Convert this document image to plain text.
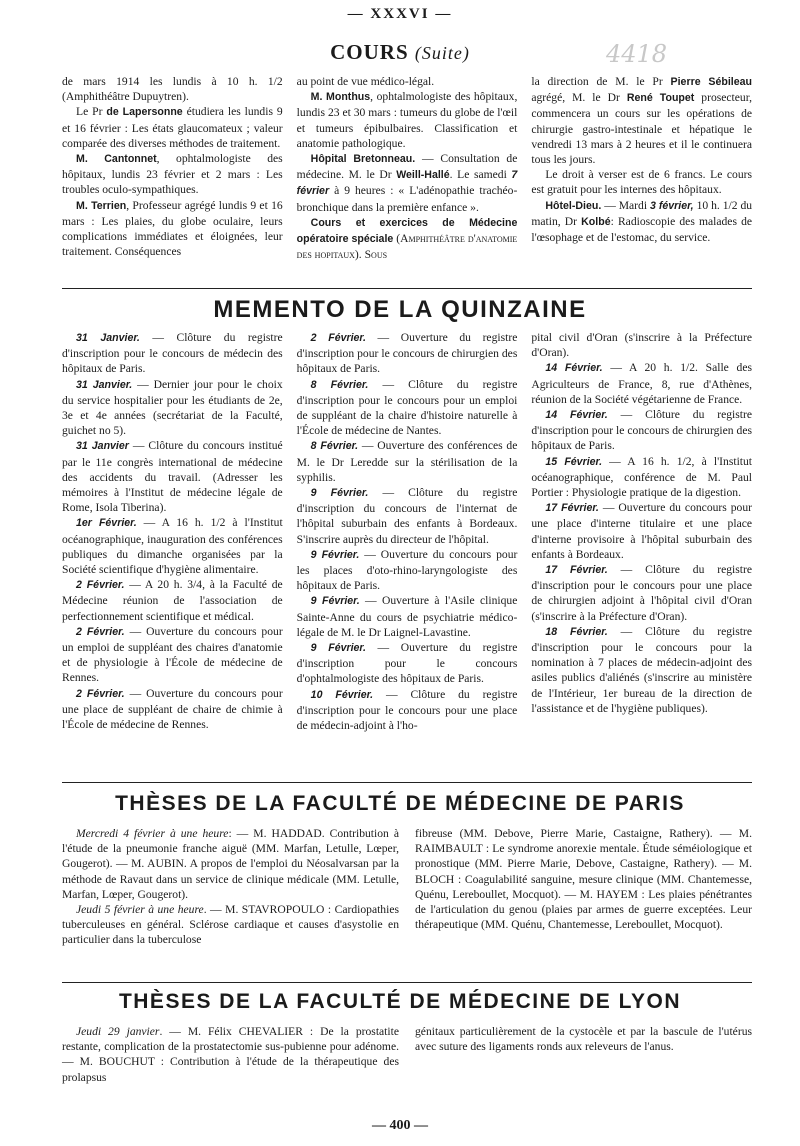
— XXXVI —
4418
COURS (Suite)

de mars 1914 les lundis à 10 h. 1/2 (Amphithéâtre Dupuytren).

Le Pr de Lapersonne étudiera les lundis 9 et 16 février : Les états glaucomateux ; valeur comparée des diverses méthodes de traitement.

M. Cantonnet, ophtalmologiste des hôpitaux, lundis 23 février et 2 mars : Les troubles oculo-sympathiques.

M. Terrien, Professeur agrégé lundis 9 et 16 mars : Les plaies, du globe oculaire, leurs complications immédiates et éloignées, leur traitement. Conséquences

au point de vue médico-légal.

M. Monthus, ophtalmologiste des hôpitaux, lundis 23 et 30 mars : tumeurs du globe de l'œil et tumeurs épibulbaires. Classification et anatomie pathologique.

Hôpital Bretonneau. — Consultation de médecine. M. le Dr Weill-Hallé. Le samedi 7 février à 9 heures : « L'adénopathie trachéo-bronchique dans la première enfance ».

Cours et exercices de Médecine opératoire spéciale (Amphithéâtre d'anatomie des hopitaux). Sous

la direction de M. le Pr Pierre Sébileau agrégé, M. le Dr René Toupet prosecteur, commencera un cours sur les opérations de chirurgie gastro-intestinale et hépatique le vendredi 13 mars à 2 heures et il le continuera tous les jours.

Le droit à verser est de 6 francs. Le cours est gratuit pour les internes des hôpitaux.

Hôtel-Dieu. — Mardi 3 février, 10 h. 1/2 du matin, Dr Kolbé: Radioscopie des malades de l'œsophage et de l'estomac, du service.

MEMENTO DE LA QUINZAINE

31 Janvier. — Clôture du registre d'inscription pour le concours de médecin des hôpitaux de Paris.

31 Janvier. — Dernier jour pour le choix du service hospitalier pour les étudiants de 2e, 3e et 4e années (secrétariat de la Faculté, guichet no 5).

31 Janvier — Clôture du concours institué par le 11e congrès international de médecine des accidents du travail. (Adresser les mémoires à l'Institut de médecine légale de Rome, Isola Tiberina).

1er Février. — A 16 h. 1/2 à l'Institut océanographique, inauguration des conférences publiques du dimanche organisées par la Société scientifique d'hygiène alimentaire.

2 Février. — A 20 h. 3/4, à la Faculté de Médecine réunion de l'association de perfectionnement scientifique et médical.

2 Février. — Ouverture du concours pour un emploi de suppléant des chaires d'anatomie et de physiologie à l'École de médecine de Rennes.

2 Février. — Ouverture du concours pour une place de suppléant de chaire de chimie à l'École de médecine de Rennes.

2 Février. — Ouverture du registre d'inscription pour le concours de chirurgien des hôpitaux de Paris.

8 Février. — Clôture du registre d'inscription pour le concours pour un emploi de suppléant de la chaire d'histoire naturelle à l'École de médecine de Nantes.

8 Février. — Ouverture des conférences de M. le Dr Leredde sur la stérilisation de la syphilis.

9 Février. — Clôture du registre d'inscription du concours de l'internat de l'hôpital suburbain des enfants à Bordeaux. S'inscrire auprès du directeur de l'hôpital.

9 Février. — Ouverture du concours pour les places d'oto-rhino-laryngologiste des hôpitaux de Paris.

9 Février. — Ouverture à l'Asile clinique Sainte-Anne du cours de psychiatrie médico-légale de M. le Dr Laignel-Lavastine.

9 Février. — Ouverture du registre d'inscription pour le concours d'ophtalmologiste des hôpitaux de Paris.

10 Février. — Clôture du registre d'inscription pour le concours pour une place de médecin-adjoint à l'ho-

pital civil d'Oran (s'inscrire à la Préfecture d'Oran).

14 Février. — A 20 h. 1/2. Salle des Agriculteurs de France, 8, rue d'Athènes, réunion de la Société végétarienne de France.

14 Février. — Clôture du registre d'inscription pour le concours de chirurgien des hôpitaux de Paris.

15 Février. — A 16 h. 1/2, à l'Institut océanographique, conférence de M. Paul Portier : Physiologie pratique de la digestion.

17 Février. — Ouverture du concours pour une place d'interne titulaire et une place d'interne provisoire à l'hôpital suburbain des enfants à Bordeaux.

17 Février. — Clôture du registre d'inscription pour le concours pour une place de chirurgien adjoint à l'hôpital civil d'Oran (s'inscrire à la Préfecture d'Oran).

18 Février. — Clôture du registre d'inscription pour le concours pour la nomination à 7 places de médecin-adjoint des asiles publics d'aliénés (s'inscrire au ministère de l'Intérieur, 1er bureau de la direction de l'assistance et de l'hygiène publiques).

THÈSES DE LA FACULTÉ DE MÉDECINE DE PARIS

Mercredi 4 février à une heure: — M. HADDAD. Contribution à l'étude de la pneumonie franche aiguë (MM. Marfan, Letulle, Lœper, Gougerot). — M. AUBIN. A propos de l'emploi du Néosalvarsan par la méthode de Ravaut dans un service de clinique médicale (MM. Letulle, Marfan, Lœper, Gougerot).

Jeudi 5 février à une heure. — M. STAVROPOULO : Cardiopathies tuberculeuses en général. Sclérose cardiaque et causes d'asystolie en particulier dans la tuberculose

fibreuse (MM. Debove, Pierre Marie, Castaigne, Rathery). — M. RAIMBAULT : Le syndrome anorexie mentale. Étude séméiologique et pronostique (MM. Pierre Marie, Debove, Castaigne, Rathery). — M. BLOCH : Coagulabilité sanguine, mesure clinique (MM. Chantemesse, Quénu, Lereboullet, Mocquot). — M. HAYEM : Les plaies pénétrantes de l'articulation du genou (plaies par armes de guerre exceptées. Leur thérapeutique (MM. Quénu, Chantemesse, Lereboullet, Mocquot).

THÈSES DE LA FACULTÉ DE MÉDECINE DE LYON

Jeudi 29 janvier. — M. Félix CHEVALIER : De la prostatite restante, complication de la prostatectomie sus-pubienne pour adénome. — M. BOUCHUT : Contribution à l'étude de la thérapeutique des prolapsus

génitaux particulièrement de la cystocèle et par la bascule de l'utérus avec suture des ligaments ronds aux releveurs de l'anus.

— 400 —
